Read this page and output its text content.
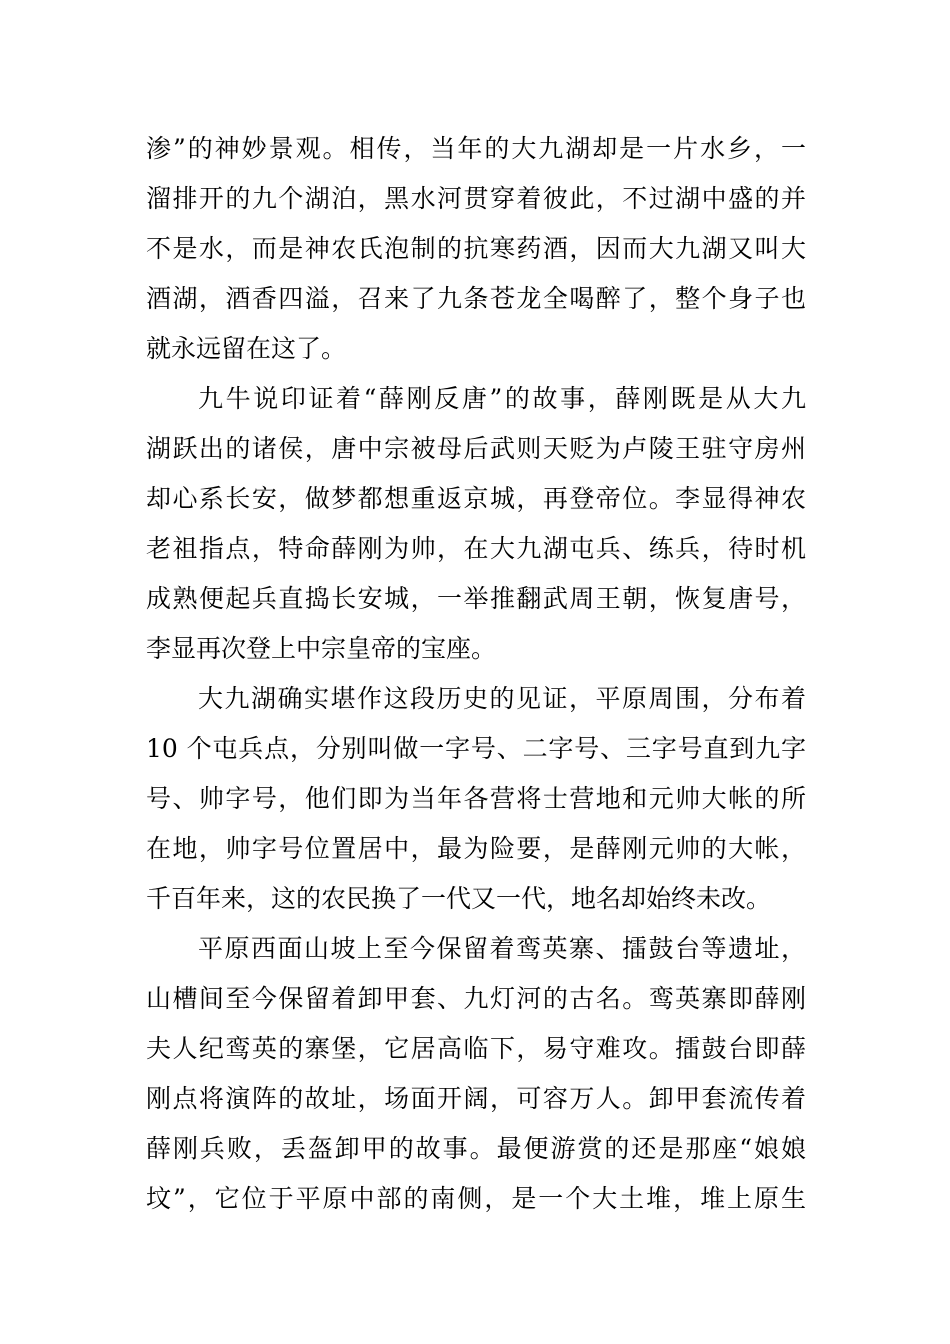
渗”的神妙景观。相传，当年的大九湖却是一片水乡，一
溜排开的九个湖泊，黑水河贯穿着彼此，不过湖中盛的并
不是水，而是神农氏泡制的抗寒药酒，因而大九湖又叫大
酒湖，酒香四溢，召来了九条苍龙全喝醉了，整个身子也
就永远留在这了。
九牛说印证着“薛刚反唐”的故事，薛刚既是从大九
湖跃出的诸侯，唐中宗被母后武则天贬为卢陵王驻守房州
却心系长安，做梦都想重返京城，再登帝位。李显得神农
老祖指点，特命薛刚为帅，在大九湖屯兵、练兵，待时机
成熟便起兵直捣长安城，一举推翻武周王朝，恢复唐号，
李显再次登上中宗皇帝的宝座。
大九湖确实堪作这段历史的见证，平原周围，分布着
10 个屯兵点，分别叫做一字号、二字号、三字号直到九字
号、帅字号，他们即为当年各营将士营地和元帅大帐的所
在地，帅字号位置居中，最为险要，是薛刚元帅的大帐，
千百年来，这的农民换了一代又一代，地名却始终未改。
平原西面山坡上至今保留着鸾英寨、擂鼓台等遗址，
山槽间至今保留着卸甲套、九灯河的古名。鸾英寨即薛刚
夫人纪鸾英的寨堡，它居高临下，易守难攻。擂鼓台即薛
刚点将演阵的故址，场面开阔，可容万人。卸甲套流传着
薛刚兵败，丢盔卸甲的故事。最便游赏的还是那座“娘娘
坟”，它位于平原中部的南侧，是一个大土堆，堆上原生
